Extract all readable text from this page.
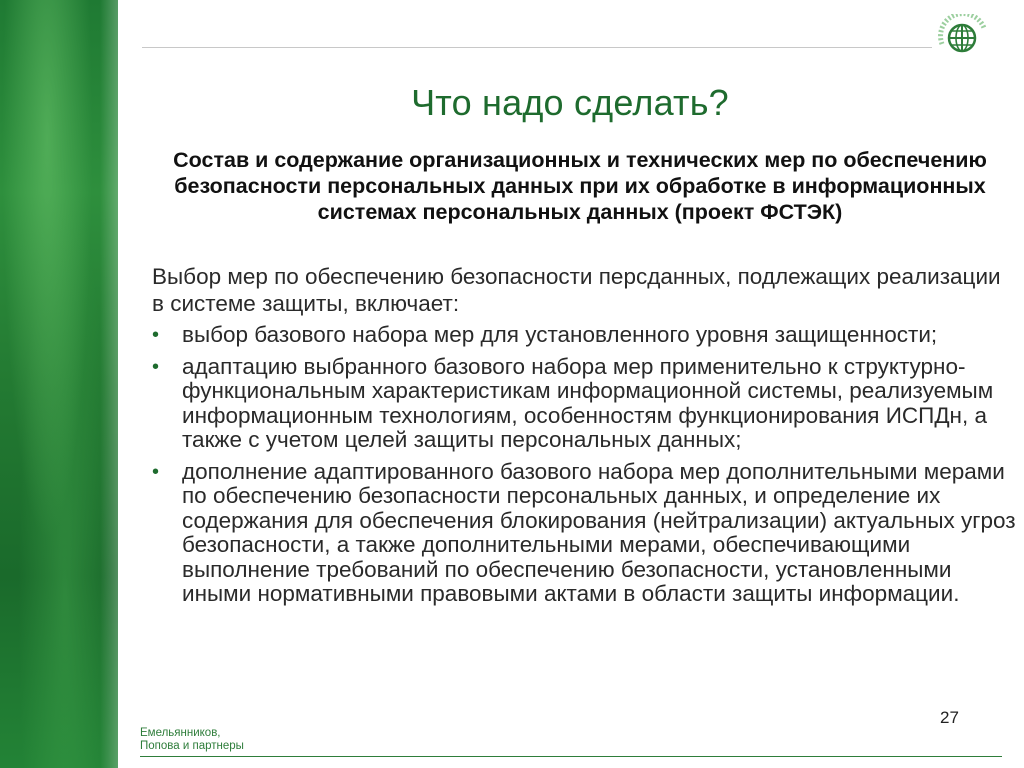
Что надо сделать?
Состав и содержание организационных и технических мер по обеспечению безопасности персональных данных при их обработке в информационных системах персональных данных (проект ФСТЭК)
Выбор мер по обеспечению безопасности персданных, подлежащих реализации в системе защиты, включает:
• выбор базового набора мер для установленного уровня защищенности;
• адаптацию выбранного базового набора мер применительно к структурно-функциональным характеристикам информационной системы, реализуемым информационным технологиям, особенностям функционирования ИСПДн, а также с учетом целей защиты персональных данных;
• дополнение адаптированного базового набора мер дополнительными мерами по обеспечению безопасности персональных данных, и определение их содержания для обеспечения блокирования (нейтрализации) актуальных угроз безопасности, а также дополнительными мерами, обеспечивающими выполнение требований по обеспечению безопасности, установленными иными нормативными правовыми актами в области защиты информации.
27
Емельянников,
Попова и партнеры
